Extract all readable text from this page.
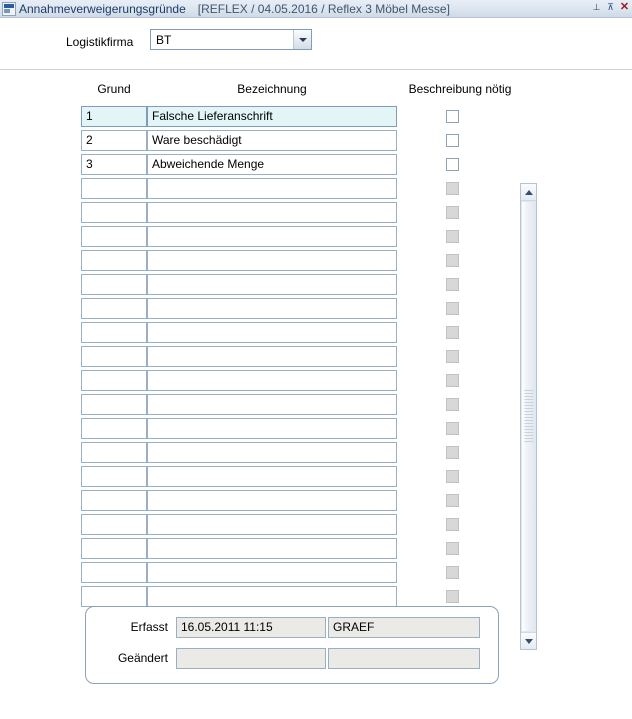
Annahmeverweigerungsgründe [REFLEX / 04.05.2016 / Reflex 3 Möbel Messe]	⊥ ⊼ ✕
Logistikfirma	BT
Grund	Bezeichnung	Beschreibung nötig
1	Falsche Lieferanschrift
2	Ware beschädigt
3	Abweichende Menge
Erfasst	16.05.2011 11:15	GRAEF
Geändert
